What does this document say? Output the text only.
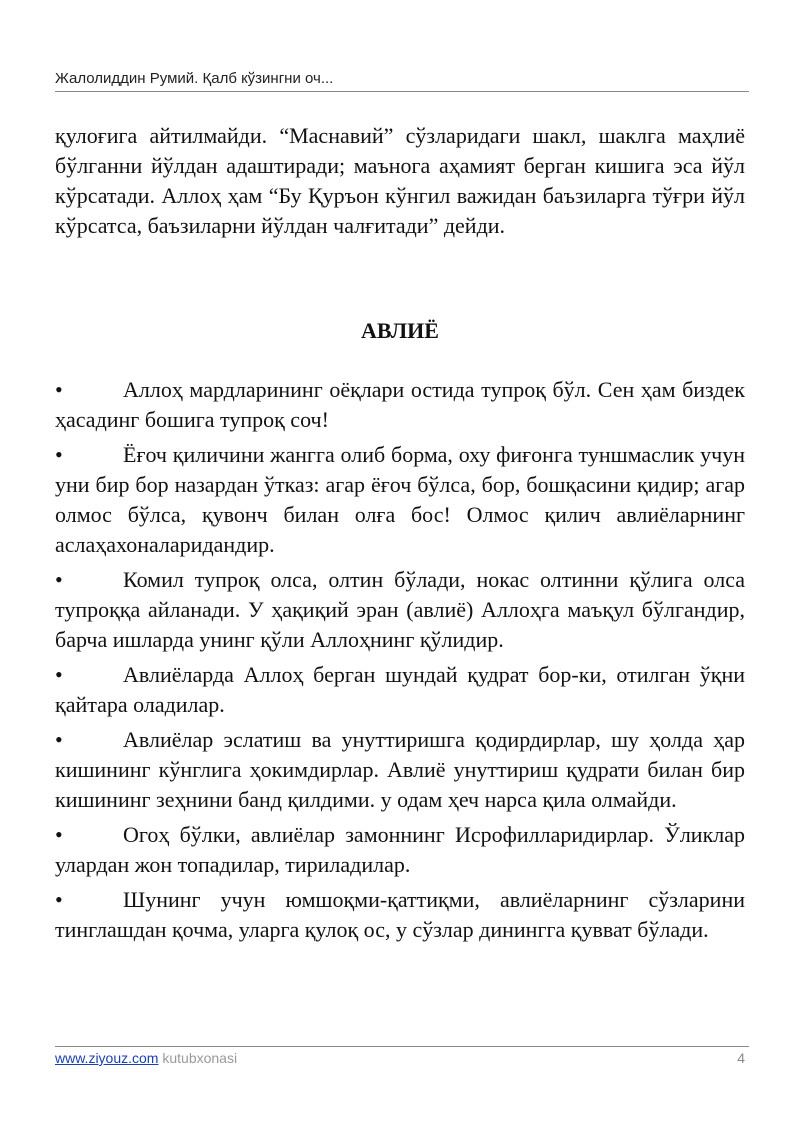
Жалолиддин Румий. Қалб кўзингни оч...

қулоғига айтилмайди. “Маснавий” сўзларидаги шакл, шаклга маҳлиё бўлганни йўлдан адаштиради; маънога аҳамият берган кишига эса йўл кўрсатади. Аллоҳ ҳам “Бу Қуръон кўнгил важидан баъзиларга тўғри йўл кўрсатса, баъзиларни йўлдан чалғитади” дейди.

АВЛИЁ
•	Аллоҳ мардларининг оёқлари остида тупроқ бўл. Сен ҳам биздек ҳасадинг бошига тупроқ соч!
•	Ёғоч қиличини жангга олиб борма, оху фиғонга туншмаслик учун уни бир бор назардан ўтказ: агар ёғоч бўлса, бор, бошқасини қидир; агар олмос бўлса, қувонч билан олға бос! Олмос қилич авлиёларнинг аслаҳахоналаридандир.
•	Комил тупроқ олса, олтин бўлади, нокас олтинни қўлига олса тупроққа айланади. У ҳақиқий эран (авлиё) Аллоҳга маъқул бўлгандир, барча ишларда унинг қўли Аллоҳнинг қўлидир.
•	Авлиёларда Аллоҳ берган шундай қудрат бор-ки, отилган ўқни қайтара оладилар.
•	Авлиёлар эслатиш ва унуттиришга қодирдирлар, шу ҳолда ҳар кишининг кўнглига ҳокимдирлар. Авлиё унуттириш қудрати билан бир кишининг зеҳнини банд қилдими. у одам ҳеч нарса қила олмайди.
•	Огоҳ бўлки, авлиёлар замоннинг Исрофилларидирлар. Ўликлар улардан жон топадилар, тириладилар.
•	Шунинг учун юмшоқми-қаттиқми, авлиёларнинг сўзларини тинглашдан қочма, уларга қулоқ ос, у сўзлар динингга қувват бўлади.
www.ziyouz.com kutubxonasi	4
